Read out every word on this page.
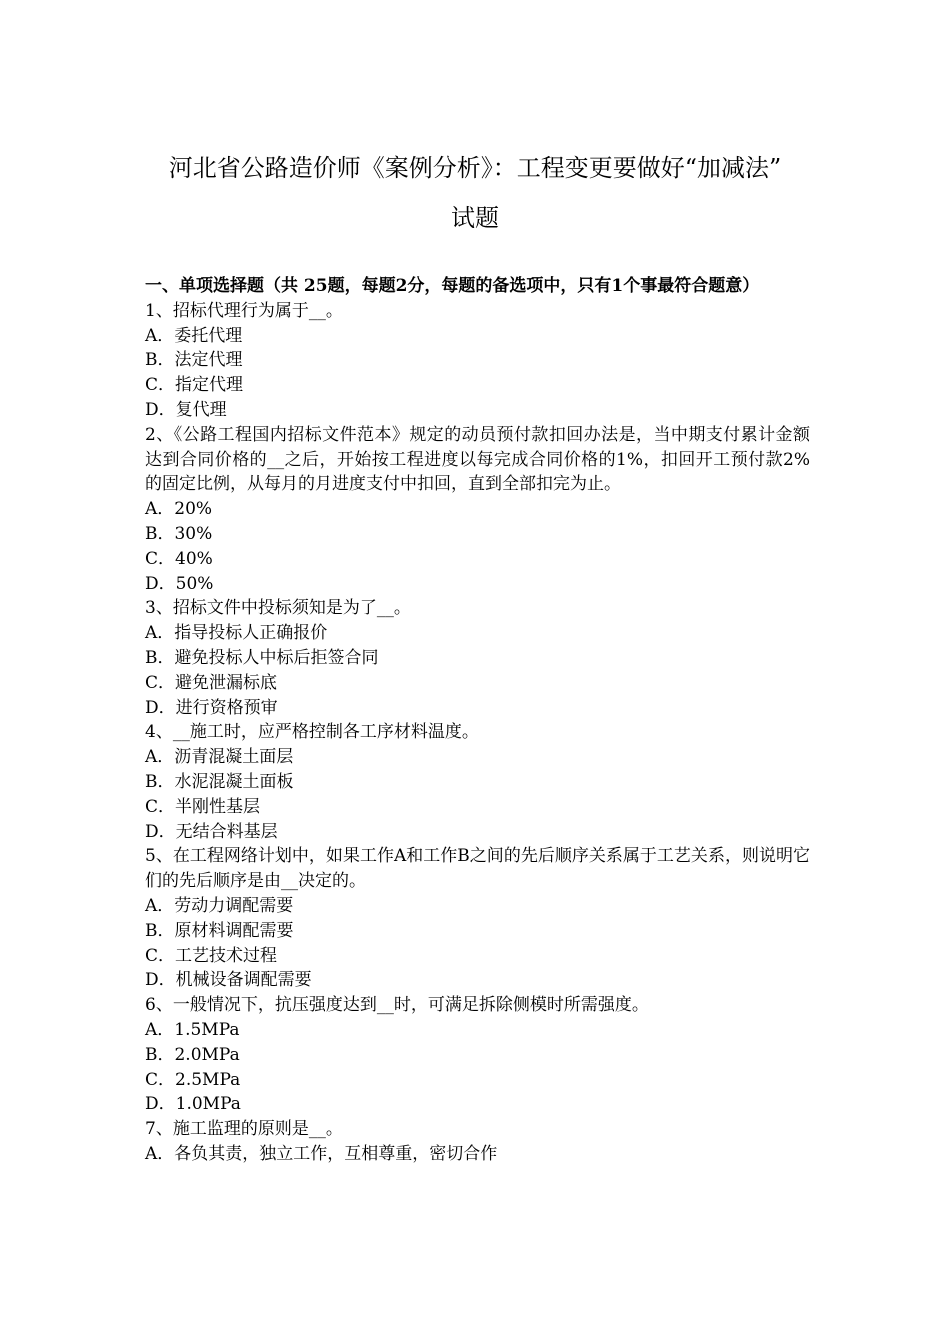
河北省公路造价师《案例分析》：工程变更要做好“加减法”
试题

一、单项选择题（共 25题，每题2分，每题的备选项中，只有1个事最符合题意）

1、招标代理行为属于__。

A．委托代理

B．法定代理

C．指定代理

D．复代理

2、《公路工程国内招标文件范本》规定的动员预付款扣回办法是，当中期支付累计金额达到合同价格的__之后，开始按工程进度以每完成合同价格的1%，扣回开工预付款2%的固定比例，从每月的月进度支付中扣回，直到全部扣完为止。

A．20%

B．30%

C．40%

D．50%

3、招标文件中投标须知是为了__。

A．指导投标人正确报价

B．避免投标人中标后拒签合同

C．避免泄漏标底

D．进行资格预审

4、__施工时，应严格控制各工序材料温度。

A．沥青混凝土面层

B．水泥混凝土面板

C．半刚性基层

D．无结合料基层

5、在工程网络计划中，如果工作A和工作B之间的先后顺序关系属于工艺关系，则说明它们的先后顺序是由__决定的。

A．劳动力调配需要

B．原材料调配需要

C．工艺技术过程

D．机械设备调配需要

6、一般情况下，抗压强度达到__时，可满足拆除侧模时所需强度。

A．1.5MPa

B．2.0MPa

C．2.5MPa

D．1.0MPa

7、施工监理的原则是__。

A．各负其责，独立工作，互相尊重，密切合作
